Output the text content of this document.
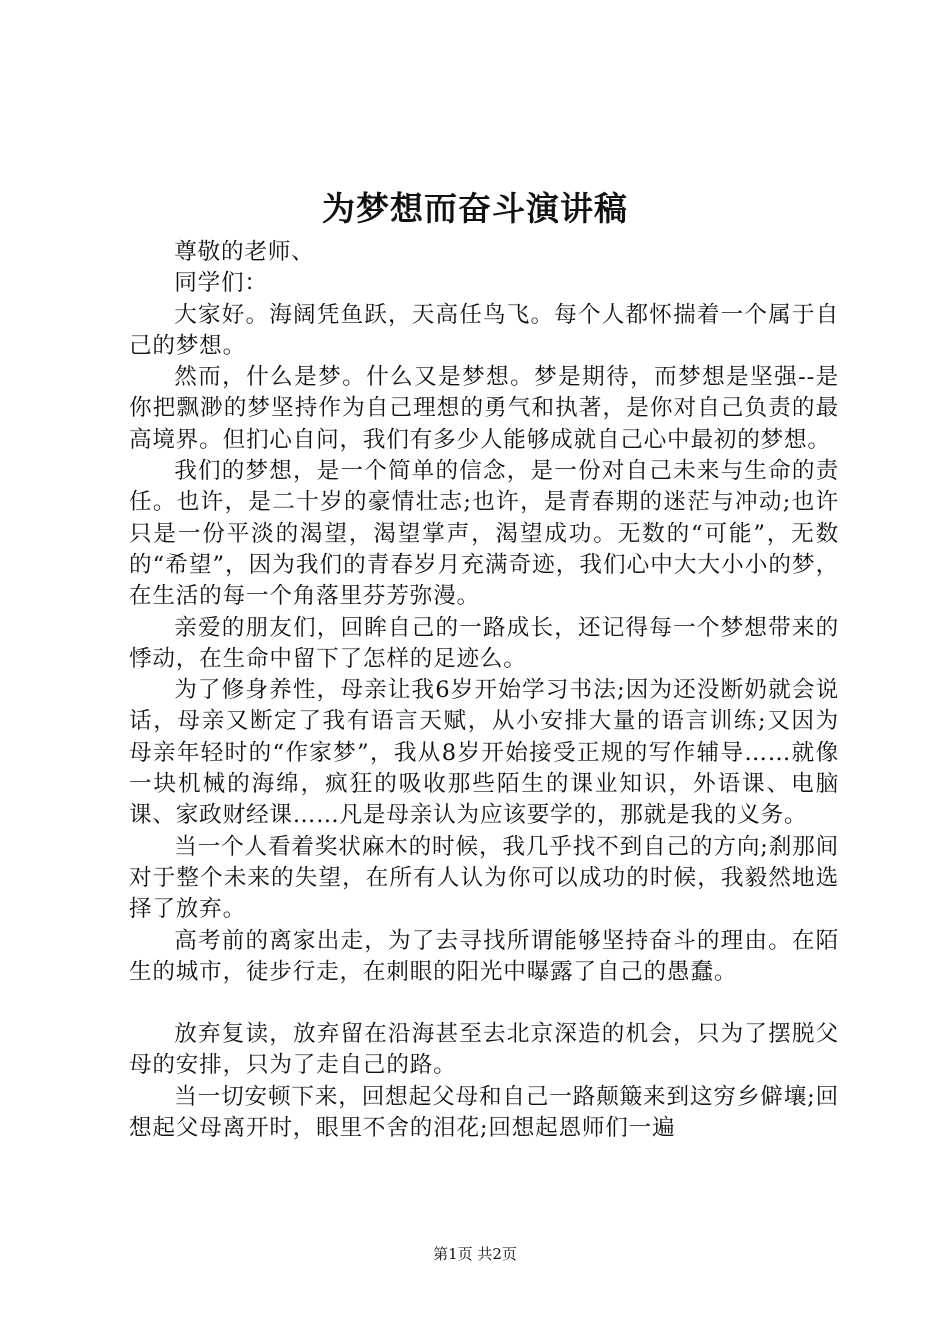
为梦想而奋斗演讲稿

尊敬的老师、

同学们：

大家好。海阔凭鱼跃，天高任鸟飞。每个人都怀揣着一个属于自己的梦想。

然而，什么是梦。什么又是梦想。梦是期待，而梦想是坚强--是你把飘渺的梦坚持作为自己理想的勇气和执著，是你对自己负责的最高境界。但扪心自问，我们有多少人能够成就自己心中最初的梦想。

我们的梦想，是一个简单的信念，是一份对自己未来与生命的责任。也许，是二十岁的豪情壮志;也许，是青春期的迷茫与冲动;也许只是一份平淡的渴望，渴望掌声，渴望成功。无数的“可能”，无数的“希望”，因为我们的青春岁月充满奇迹，我们心中大大小小的梦，在生活的每一个角落里芬芳弥漫。

亲爱的朋友们，回眸自己的一路成长，还记得每一个梦想带来的悸动，在生命中留下了怎样的足迹么。

为了修身养性，母亲让我6岁开始学习书法;因为还没断奶就会说话，母亲又断定了我有语言天赋，从小安排大量的语言训练;又因为母亲年轻时的“作家梦”，我从8岁开始接受正规的写作辅导……就像一块机械的海绵，疯狂的吸收那些陌生的课业知识，外语课、电脑课、家政财经课……凡是母亲认为应该要学的，那就是我的义务。

当一个人看着奖状麻木的时候，我几乎找不到自己的方向;刹那间对于整个未来的失望，在所有人认为你可以成功的时候，我毅然地选择了放弃。

高考前的离家出走，为了去寻找所谓能够坚持奋斗的理由。在陌生的城市，徒步行走，在刺眼的阳光中曝露了自己的愚蠢。

放弃复读，放弃留在沿海甚至去北京深造的机会，只为了摆脱父母的安排，只为了走自己的路。

当一切安顿下来，回想起父母和自己一路颠簸来到这穷乡僻壤;回想起父母离开时，眼里不舍的泪花;回想起恩师们一遍

第1页 共2页
